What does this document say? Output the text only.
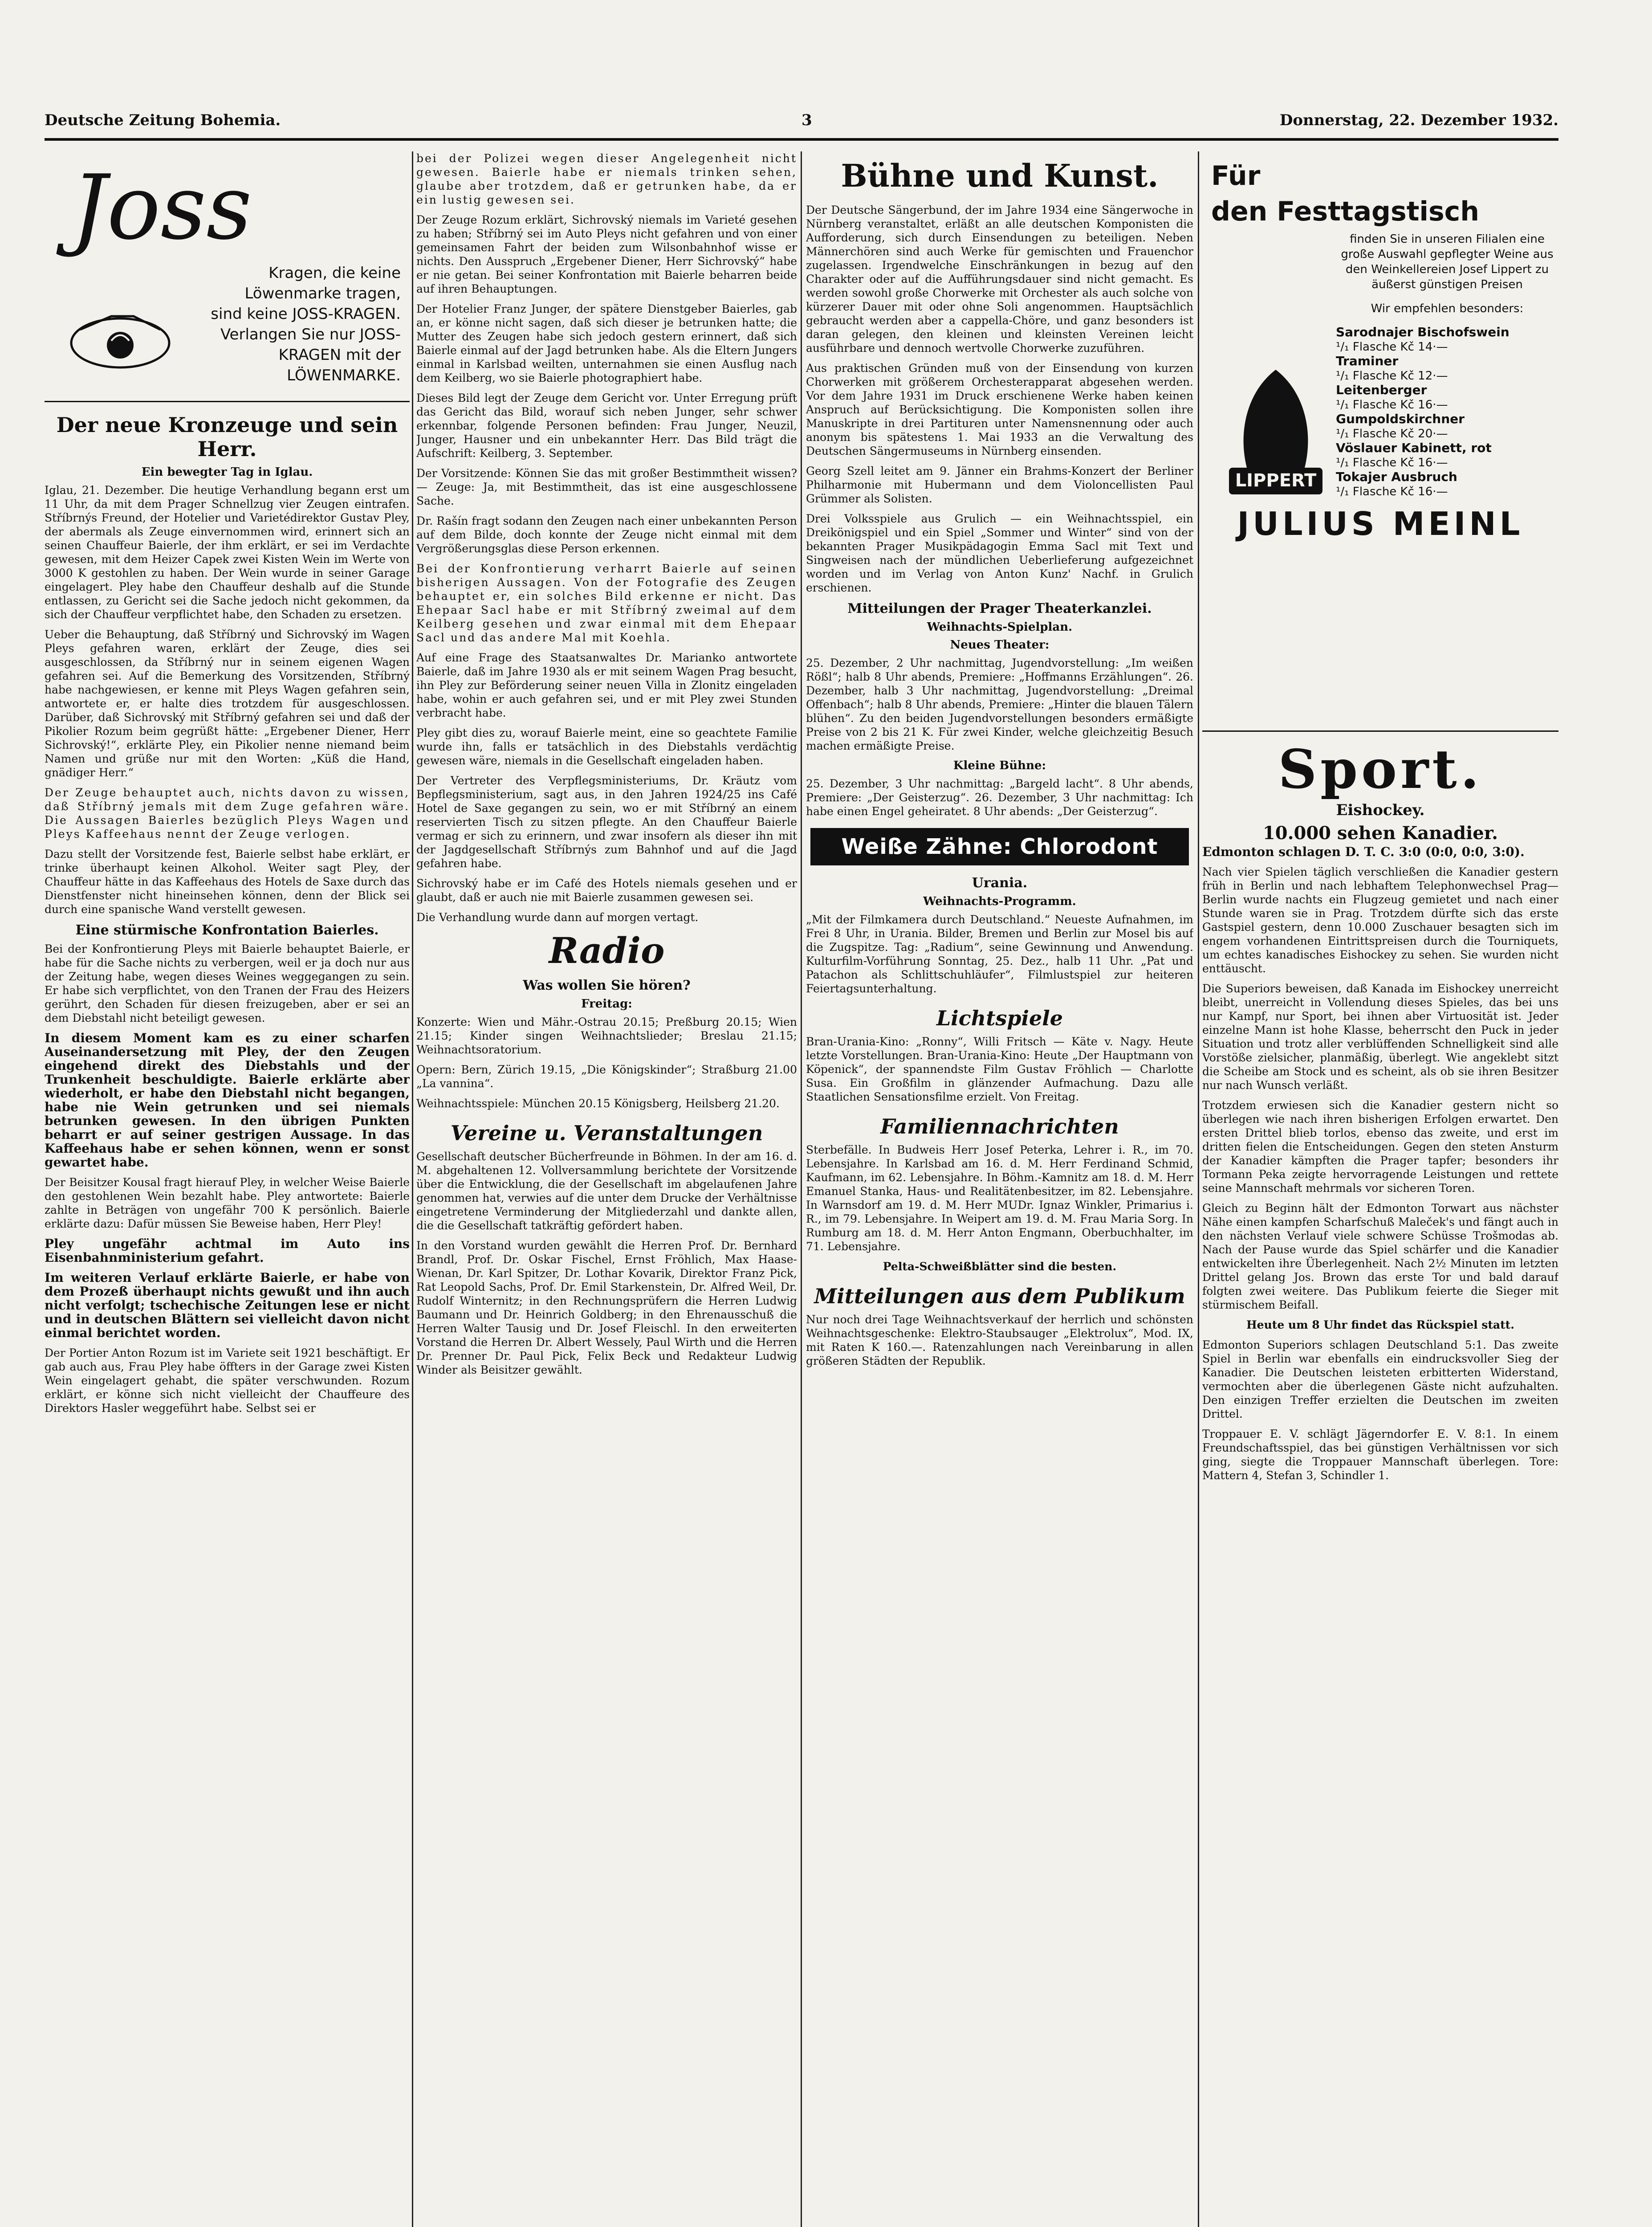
Deutsche Zeitung Bohemia.	3	Donnerstag, 22. Dezember 1932.
Joss
Kragen, die keine
Löwenmarke tragen,
sind keine JOSS-KRAGEN.
Verlangen Sie nur JOSS-
KRAGEN mit der LÖWENMARKE.
Der neue Kronzeuge und sein Herr.
Ein bewegter Tag in Iglau.

Iglau, 21. Dezember. Die heutige Verhandlung begann erst um 11 Uhr, da mit dem Prager Schnellzug vier Zeugen eintrafen. Stříbrnýs Freund, der Hotelier und Varietédirektor Gustav Pley, der abermals als Zeuge einvernommen wird, erinnert sich an seinen Chauffeur Baierle, der ihm erklärt, er sei im Verdachte gewesen, mit dem Heizer Capek zwei Kisten Wein im Werte von 3000 K gestohlen zu haben. Der Wein wurde in seiner Garage eingelagert. Pley habe den Chauffeur deshalb auf die Stunde entlassen, zu Gericht sei die Sache jedoch nicht gekommen, da sich der Chauffeur verpflichtet habe, den Schaden zu ersetzen.

Ueber die Behauptung, daß Stříbrný und Sichrovský im Wagen Pleys gefahren waren, erklärt der Zeuge, dies sei ausgeschlossen, da Stříbrný nur in seinem eigenen Wagen gefahren sei. Auf die Bemerkung des Vorsitzenden, Stříbrný habe nachgewiesen, er kenne mit Pleys Wagen gefahren sein, antwortete er, er halte dies trotzdem für ausgeschlossen. Darüber, daß Sichrovský mit Stříbrný gefahren sei und daß der Pikolier Rozum beim gegrüßt hätte: „Ergebener Diener, Herr Sichrovský!“, erklärte Pley, ein Pikolier nenne niemand beim Namen und grüße nur mit den Worten: „Küß die Hand, gnädiger Herr.“

Der Zeuge behauptet auch, nichts davon zu wissen, daß Stříbrný jemals mit dem Zuge gefahren wäre. Die Aussagen Baierles bezüglich Pleys Wagen und Pleys Kaffeehaus nennt der Zeuge verlogen.

Dazu stellt der Vorsitzende fest, Baierle selbst habe erklärt, er trinke überhaupt keinen Alkohol. Weiter sagt Pley, der Chauffeur hätte in das Kaffeehaus des Hotels de Saxe durch das Dienstfenster nicht hineinsehen können, denn der Blick sei durch eine spanische Wand verstellt gewesen.

Eine stürmische Konfrontation Baierles.

Bei der Konfrontierung Pleys mit Baierle behauptet Baierle, er habe für die Sache nichts zu verbergen, weil er ja doch nur aus der Zeitung habe, wegen dieses Weines weggegangen zu sein. Er habe sich verpflichtet, von den Tranen der Frau des Heizers gerührt, den Schaden für diesen freizugeben, aber er sei an dem Diebstahl nicht beteiligt gewesen.

In diesem Moment kam es zu einer scharfen Auseinandersetzung mit Pley, der den Zeugen eingehend direkt des Diebstahls und der Trunkenheit beschuldigte. Baierle erklärte aber wiederholt, er habe den Diebstahl nicht begangen, habe nie Wein getrunken und sei niemals betrunken gewesen. In den übrigen Punkten beharrt er auf seiner gestrigen Aussage. In das Kaffeehaus habe er sehen können, wenn er sonst gewartet habe.

Der Beisitzer Kousal fragt hierauf Pley, in welcher Weise Baierle den gestohlenen Wein bezahlt habe. Pley antwortete: Baierle zahlte in Beträgen von ungefähr 700 K persönlich. Baierle erklärte dazu: Dafür müssen Sie Beweise haben, Herr Pley!

Pley ungefähr achtmal im Auto ins Eisenbahnministerium gefahrt.

Im weiteren Verlauf erklärte Baierle, er habe von dem Prozeß überhaupt nichts gewußt und ihn auch nicht verfolgt; tschechische Zeitungen lese er nicht und in deutschen Blättern sei vielleicht davon nicht einmal berichtet worden.

Der Portier Anton Rozum ist im Variete seit 1921 beschäftigt. Er gab auch aus, Frau Pley habe öffters in der Garage zwei Kisten Wein eingelagert gehabt, die später verschwunden. Rozum erklärt, er könne sich nicht vielleicht der Chauffeure des Direktors Hasler weggeführt habe. Selbst sei er

bei der Polizei wegen dieser Angelegenheit nicht gewesen. Baierle habe er niemals trinken sehen, glaube aber trotzdem, daß er getrunken habe, da er ein lustig gewesen sei.

Der Zeuge Rozum erklärt, Sichrovský niemals im Varieté gesehen zu haben; Stříbrný sei im Auto Pleys nicht gefahren und von einer gemeinsamen Fahrt der beiden zum Wilsonbahnhof wisse er nichts. Den Ausspruch „Ergebener Diener, Herr Sichrovský“ habe er nie getan. Bei seiner Konfrontation mit Baierle beharren beide auf ihren Behauptungen.

Der Hotelier Franz Junger, der spätere Dienstgeber Baierles, gab an, er könne nicht sagen, daß sich dieser je betrunken hatte; die Mutter des Zeugen habe sich jedoch gestern erinnert, daß sich Baierle einmal auf der Jagd betrunken habe. Als die Eltern Jungers einmal in Karlsbad weilten, unternahmen sie einen Ausflug nach dem Keilberg, wo sie Baierle photographiert habe.

Dieses Bild legt der Zeuge dem Gericht vor. Unter Erregung prüft das Gericht das Bild, worauf sich neben Junger, sehr schwer erkennbar, folgende Personen befinden: Frau Junger, Neuzil, Junger, Hausner und ein unbekannter Herr. Das Bild trägt die Aufschrift: Keilberg, 3. September.

Der Vorsitzende: Können Sie das mit großer Bestimmtheit wissen? — Zeuge: Ja, mit Bestimmtheit, das ist eine ausgeschlossene Sache.

Dr. Rašín fragt sodann den Zeugen nach einer unbekannten Person auf dem Bilde, doch konnte der Zeuge nicht einmal mit dem Vergrößerungsglas diese Person erkennen.

Bei der Konfrontierung verharrt Baierle auf seinen bisherigen Aussagen. Von der Fotografie des Zeugen behauptet er, ein solches Bild erkenne er nicht. Das Ehepaar Sacl habe er mit Stříbrný zweimal auf dem Keilberg gesehen und zwar einmal mit dem Ehepaar Sacl und das andere Mal mit Koehla.

Auf eine Frage des Staatsanwaltes Dr. Marianko antwortete Baierle, daß im Jahre 1930 als er mit seinem Wagen Prag besucht, ihn Pley zur Beförderung seiner neuen Villa in Zlonitz eingeladen habe, wohin er auch gefahren sei, und er mit Pley zwei Stunden verbracht habe.

Pley gibt dies zu, worauf Baierle meint, eine so geachtete Familie wurde ihn, falls er tatsächlich in des Diebstahls verdächtig gewesen wäre, niemals in die Gesellschaft eingeladen haben.

Der Vertreter des Verpflegsministeriums, Dr. Kräutz vom Bepflegsministerium, sagt aus, in den Jahren 1924/25 ins Café Hotel de Saxe gegangen zu sein, wo er mit Stříbrný an einem reservierten Tisch zu sitzen pflegte. An den Chauffeur Baierle vermag er sich zu erinnern, und zwar insofern als dieser ihn mit der Jagdgesellschaft Stříbrnýs zum Bahnhof und auf die Jagd gefahren habe.

Sichrovský habe er im Café des Hotels niemals gesehen und er glaubt, daß er auch nie mit Baierle zusammen gewesen sei.

Die Verhandlung wurde dann auf morgen vertagt.

Radio
Was wollen Sie hören?
Freitag:

Konzerte: Wien und Mähr.-Ostrau 20.15; Preßburg 20.15; Wien 21.15; Kinder singen Weihnachtslieder; Breslau 21.15; Weihnachtsoratorium.

Opern: Bern, Zürich 19.15, „Die Königskinder“; Straßburg 21.00 „La vannina“.

Weihnachtsspiele: München 20.15 Königsberg, Heilsberg 21.20.

Vereine u. Veranstaltungen

Gesellschaft deutscher Bücherfreunde in Böhmen. In der am 16. d. M. abgehaltenen 12. Vollversammlung berichtete der Vorsitzende über die Entwicklung, die der Gesellschaft im abgelaufenen Jahre genommen hat, verwies auf die unter dem Drucke der Verhältnisse eingetretene Verminderung der Mitgliederzahl und dankte allen, die die Gesellschaft tatkräftig gefördert haben.

In den Vorstand wurden gewählt die Herren Prof. Dr. Bernhard Brandl, Prof. Dr. Oskar Fischel, Ernst Fröhlich, Max Haase-Wienan, Dr. Karl Spitzer, Dr. Lothar Kovarik, Direktor Franz Pick, Rat Leopold Sachs, Prof. Dr. Emil Starkenstein, Dr. Alfred Weil, Dr. Rudolf Winternitz; in den Rechnungsprüfern die Herren Ludwig Baumann und Dr. Heinrich Goldberg; in den Ehrenausschuß die Herren Walter Tausig und Dr. Josef Fleischl. In den erweiterten Vorstand die Herren Dr. Albert Wessely, Paul Wirth und die Herren Dr. Prenner Dr. Paul Pick, Felix Beck und Redakteur Ludwig Winder als Beisitzer gewählt.

Bühne und Kunst.

Der Deutsche Sängerbund, der im Jahre 1934 eine Sängerwoche in Nürnberg veranstaltet, erläßt an alle deutschen Komponisten die Aufforderung, sich durch Einsendungen zu beteiligen. Neben Männerchören sind auch Werke für gemischten und Frauenchor zugelassen. Irgendwelche Einschränkungen in bezug auf den Charakter oder auf die Aufführungsdauer sind nicht gemacht. Es werden sowohl große Chorwerke mit Orchester als auch solche von kürzerer Dauer mit oder ohne Soli angenommen. Hauptsächlich gebraucht werden aber a cappella-Chöre, und ganz besonders ist daran gelegen, den kleinen und kleinsten Vereinen leicht ausführbare und dennoch wertvolle Chorwerke zuzuführen.

Aus praktischen Gründen muß von der Einsendung von kurzen Chorwerken mit größerem Orchesterapparat abgesehen werden. Vor dem Jahre 1931 im Druck erschienene Werke haben keinen Anspruch auf Berücksichtigung. Die Komponisten sollen ihre Manuskripte in drei Partituren unter Namensnennung oder auch anonym bis spätestens 1. Mai 1933 an die Verwaltung des Deutschen Sängermuseums in Nürnberg einsenden.

Georg Szell leitet am 9. Jänner ein Brahms-Konzert der Berliner Philharmonie mit Hubermann und dem Violoncellisten Paul Grümmer als Solisten.

Drei Volksspiele aus Grulich — ein Weihnachtsspiel, ein Dreikönigspiel und ein Spiel „Sommer und Winter“ sind von der bekannten Prager Musikpädagogin Emma Sacl mit Text und Singweisen nach der mündlichen Ueberlieferung aufgezeichnet worden und im Verlag von Anton Kunz' Nachf. in Grulich erschienen.

Mitteilungen der Prager Theaterkanzlei.
Weihnachts-Spielplan.
Neues Theater:

25. Dezember, 2 Uhr nachmittag, Jugendvorstellung: „Im weißen Rößl“; halb 8 Uhr abends, Premiere: „Hoffmanns Erzählungen“. 26. Dezember, halb 3 Uhr nachmittag, Jugendvorstellung: „Dreimal Offenbach“; halb 8 Uhr abends, Premiere: „Hinter die blauen Tälern blühen“. Zu den beiden Jugendvorstellungen besonders ermäßigte Preise von 2 bis 21 K. Für zwei Kinder, welche gleichzeitig Besuch machen ermäßigte Preise.

Kleine Bühne:

25. Dezember, 3 Uhr nachmittag: „Bargeld lacht“. 8 Uhr abends, Premiere: „Der Geisterzug“. 26. Dezember, 3 Uhr nachmittag: Ich habe einen Engel geheiratet. 8 Uhr abends: „Der Geisterzug“.

Weiße Zähne: Chlorodont
Urania.
Weihnachts-Programm.

„Mit der Filmkamera durch Deutschland.“ Neueste Aufnahmen, im Frei 8 Uhr, in Urania. Bilder, Bremen und Berlin zur Mosel bis auf die Zugspitze. Tag: „Radium“, seine Gewinnung und Anwendung. Kulturfilm-Vorführung Sonntag, 25. Dez., halb 11 Uhr. „Pat und Patachon als Schlittschuhläufer“, Filmlustspiel zur heiteren Feiertagsunterhaltung.

Lichtspiele

Bran-Urania-Kino: „Ronny“, Willi Fritsch — Käte v. Nagy. Heute letzte Vorstellungen. Bran-Urania-Kino: Heute „Der Hauptmann von Köpenick“, der spannendste Film Gustav Fröhlich — Charlotte Susa. Ein Großfilm in glänzender Aufmachung. Dazu alle Staatlichen Sensationsfilme erzielt. Von Freitag.

Familiennachrichten

Sterbefälle. In Budweis Herr Josef Peterka, Lehrer i. R., im 70. Lebensjahre. In Karlsbad am 16. d. M. Herr Ferdinand Schmid, Kaufmann, im 62. Lebensjahre. In Böhm.-Kamnitz am 18. d. M. Herr Emanuel Stanka, Haus- und Realitätenbesitzer, im 82. Lebensjahre. In Warnsdorf am 19. d. M. Herr MUDr. Ignaz Winkler, Primarius i. R., im 79. Lebensjahre. In Weipert am 19. d. M. Frau Maria Sorg. In Rumburg am 18. d. M. Herr Anton Engmann, Oberbuchhalter, im 71. Lebensjahre.

Pelta-Schweißblätter sind die besten.

Mitteilungen aus dem Publikum

Nur noch drei Tage Weihnachtsverkauf der herrlich und schönsten Weihnachtsgeschenke: Elektro-Staubsauger „Elektrolux“, Mod. IX, mit Raten K 160.—. Ratenzahlungen nach Vereinbarung in allen größeren Städten der Republik.

Für
den Festtagstisch
finden Sie in unseren Filialen eine große Auswahl gepflegter Weine aus den Weinkellereien Josef Lippert zu äußerst günstigen Preisen
Wir empfehlen besonders:
Sarodnajer Bischofswein
¹/₁ Flasche Kč 14·—
Traminer
¹/₁ Flasche Kč 12·—
Leitenberger
¹/₁ Flasche Kč 16·—
Gumpoldskirchner
¹/₁ Flasche Kč 20·—
Vöslauer Kabinett, rot
¹/₁ Flasche Kč 16·—
Tokajer Ausbruch
¹/₁ Flasche Kč 16·—
LIPPERT
JULIUS MEINL
Sport.
Eishockey.
10.000 sehen Kanadier.

Edmonton schlagen D. T. C. 3:0 (0:0, 0:0, 3:0).

Nach vier Spielen täglich verschließen die Kanadier gestern früh in Berlin und nach lebhaftem Telephonwechsel Prag—Berlin wurde nachts ein Flugzeug gemietet und nach einer Stunde waren sie in Prag. Trotzdem dürfte sich das erste Gastspiel gestern, denn 10.000 Zuschauer besagten sich im engem vorhandenen Eintrittspreisen durch die Tourniquets, um echtes kanadisches Eishockey zu sehen. Sie wurden nicht enttäuscht.

Die Superiors beweisen, daß Kanada im Eishockey unerreicht bleibt, unerreicht in Vollendung dieses Spieles, das bei uns nur Kampf, nur Sport, bei ihnen aber Virtuosität ist. Jeder einzelne Mann ist hohe Klasse, beherrscht den Puck in jeder Situation und trotz aller verblüffenden Schnelligkeit sind alle Vorstöße zielsicher, planmäßig, überlegt. Wie angeklebt sitzt die Scheibe am Stock und es scheint, als ob sie ihren Besitzer nur nach Wunsch verläßt.

Trotzdem erwiesen sich die Kanadier gestern nicht so überlegen wie nach ihren bisherigen Erfolgen erwartet. Den ersten Drittel blieb torlos, ebenso das zweite, und erst im dritten fielen die Entscheidungen. Gegen den steten Ansturm der Kanadier kämpften die Prager tapfer; besonders ihr Tormann Peka zeigte hervorragende Leistungen und rettete seine Mannschaft mehrmals vor sicheren Toren.

Gleich zu Beginn hält der Edmonton Torwart aus nächster Nähe einen kampfen Scharfschuß Maleček's und fängt auch in den nächsten Verlauf viele schwere Schüsse Trošmodas ab. Nach der Pause wurde das Spiel schärfer und die Kanadier entwickelten ihre Überlegenheit. Nach 2½ Minuten im letzten Drittel gelang Jos. Brown das erste Tor und bald darauf folgten zwei weitere. Das Publikum feierte die Sieger mit stürmischem Beifall.

Heute um 8 Uhr findet das Rückspiel statt.

Edmonton Superiors schlagen Deutschland 5:1. Das zweite Spiel in Berlin war ebenfalls ein eindrucksvoller Sieg der Kanadier. Die Deutschen leisteten erbitterten Widerstand, vermochten aber die überlegenen Gäste nicht aufzuhalten. Den einzigen Treffer erzielten die Deutschen im zweiten Drittel.

Troppauer E. V. schlägt Jägerndorfer E. V. 8:1. In einem Freundschaftsspiel, das bei günstigen Verhältnissen vor sich ging, siegte die Troppauer Mannschaft überlegen. Tore: Mattern 4, Stefan 3, Schindler 1.
